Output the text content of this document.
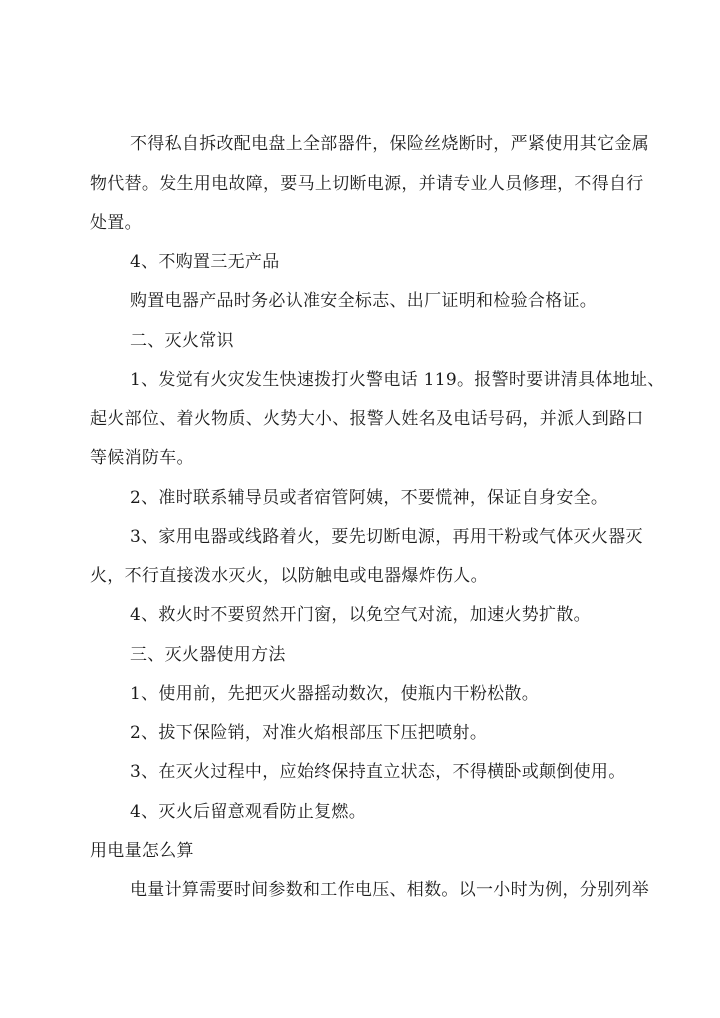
不得私自拆改配电盘上全部器件，保险丝烧断时，严紧使用其它金属
物代替。发生用电故障，要马上切断电源，并请专业人员修理，不得自行
处置。
4、不购置三无产品
购置电器产品时务必认准安全标志、出厂证明和检验合格证。
二、灭火常识
1、发觉有火灾发生快速拨打火警电话 119。报警时要讲清具体地址、
起火部位、着火物质、火势大小、报警人姓名及电话号码，并派人到路口
等候消防车。
2、准时联系辅导员或者宿管阿姨，不要慌神，保证自身安全。
3、家用电器或线路着火，要先切断电源，再用干粉或气体灭火器灭
火，不行直接泼水灭火，以防触电或电器爆炸伤人。
4、救火时不要贸然开门窗，以免空气对流，加速火势扩散。
三、灭火器使用方法
1、使用前，先把灭火器摇动数次，使瓶内干粉松散。
2、拔下保险销，对准火焰根部压下压把喷射。
3、在灭火过程中，应始终保持直立状态，不得横卧或颠倒使用。
4、灭火后留意观看防止复燃。
用电量怎么算
电量计算需要时间参数和工作电压、相数。以一小时为例，分别列举
